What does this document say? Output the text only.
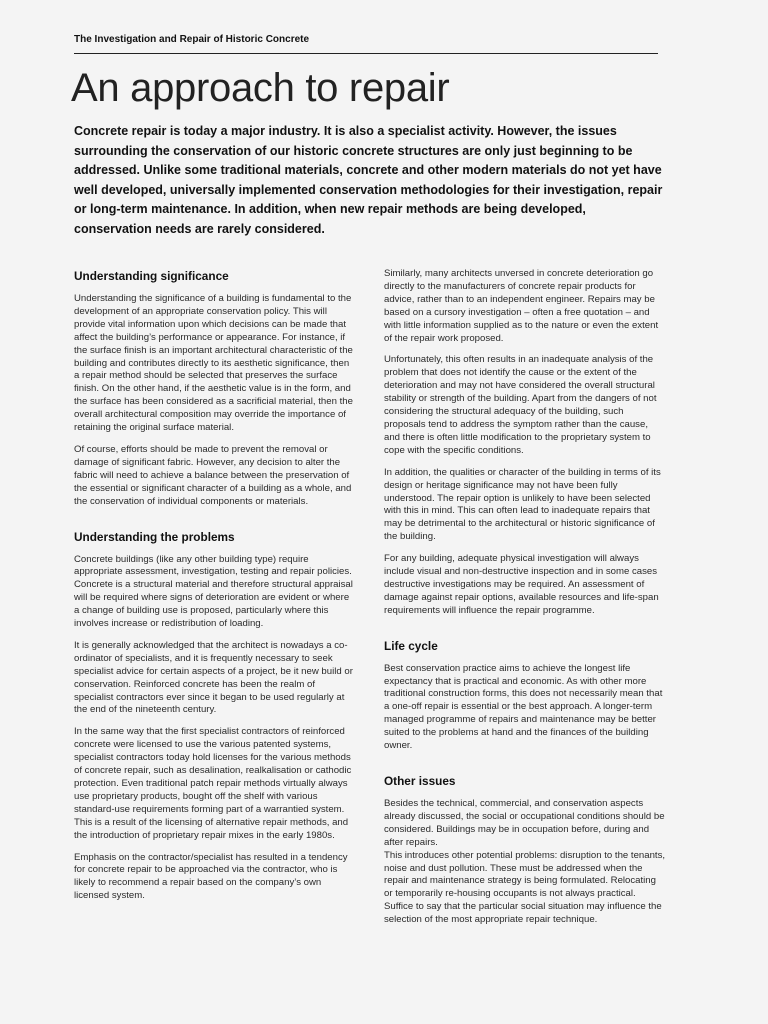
The Investigation and Repair of Historic Concrete
An approach to repair

Concrete repair is today a major industry. It is also a specialist activity. However, the issues surrounding the conservation of our historic concrete structures are only just beginning to be addressed. Unlike some traditional materials, concrete and other modern materials do not yet have well developed, universally implemented conservation methodologies for their investigation, repair or long-term maintenance. In addition, when new repair methods are being developed, conservation needs are rarely considered.

Understanding significance

Understanding the significance of a building is fundamental to the development of an appropriate conservation policy. This will provide vital information upon which decisions can be made that affect the building’s performance or appearance. For instance, if the surface finish is an important architectural characteristic of the building and contributes directly to its aesthetic significance, then a repair method should be selected that preserves the surface finish. On the other hand, if the aesthetic value is in the form, and the surface has been considered as a sacrificial material, then the overall architectural composition may override the importance of retaining the original surface material.

Of course, efforts should be made to prevent the removal or damage of significant fabric. However, any decision to alter the fabric will need to achieve a balance between the preservation of the essential or significant character of a building as a whole, and the conservation of individual components or materials.

Understanding the problems

Concrete buildings (like any other building type) require appropriate assessment, investigation, testing and repair policies. Concrete is a structural material and therefore structural appraisal will be required where signs of deterioration are evident or where a change of building use is proposed, particularly where this involves increase or redistribution of loading.

It is generally acknowledged that the architect is nowadays a co-ordinator of specialists, and it is frequently necessary to seek specialist advice for certain aspects of a project, be it new build or conservation. Reinforced concrete has been the realm of specialist contractors ever since it began to be used regularly at the end of the nineteenth century.

In the same way that the first specialist contractors of reinforced concrete were licensed to use the various patented systems, specialist contractors today hold licenses for the various methods of concrete repair, such as desalination, realkalisation or cathodic protection. Even traditional patch repair methods virtually always use proprietary products, bought off the shelf with various standard-use requirements forming part of a warrantied system. This is a result of the licensing of alternative repair methods, and the introduction of proprietary repair mixes in the early 1980s.

Emphasis on the contractor/specialist has resulted in a tendency for concrete repair to be approached via the contractor, who is likely to recommend a repair based on the company’s own licensed system.

Similarly, many architects unversed in concrete deterioration go directly to the manufacturers of concrete repair products for advice, rather than to an independent engineer. Repairs may be based on a cursory investigation – often a free quotation – and with little information supplied as to the nature or even the extent of the repair work proposed.

Unfortunately, this often results in an inadequate analysis of the problem that does not identify the cause or the extent of the deterioration and may not have considered the overall structural stability or strength of the building. Apart from the dangers of not considering the structural adequacy of the building, such proposals tend to address the symptom rather than the cause, and there is often little modification to the proprietary system to cope with the specific conditions.

In addition, the qualities or character of the building in terms of its design or heritage significance may not have been fully understood. The repair option is unlikely to have been selected with this in mind. This can often lead to inadequate repairs that may be detrimental to the architectural or historic significance of the building.

For any building, adequate physical investigation will always include visual and non-destructive inspection and in some cases destructive investigations may be required. An assessment of damage against repair options, available resources and life-span requirements will influence the repair programme.

Life cycle

Best conservation practice aims to achieve the longest life expectancy that is practical and economic. As with other more traditional construction forms, this does not necessarily mean that a one-off repair is essential or the best approach. A longer-term managed programme of repairs and maintenance may be better suited to the problems at hand and the finances of the building owner.

Other issues

Besides the technical, commercial, and conservation aspects already discussed, the social or occupational conditions should be considered. Buildings may be in occupation before, during and after repairs.

This introduces other potential problems: disruption to the tenants, noise and dust pollution. These must be addressed when the repair and maintenance strategy is being formulated. Relocating or temporarily re-housing occupants is not always practical. Suffice to say that the particular social situation may influence the selection of the most appropriate repair technique.
